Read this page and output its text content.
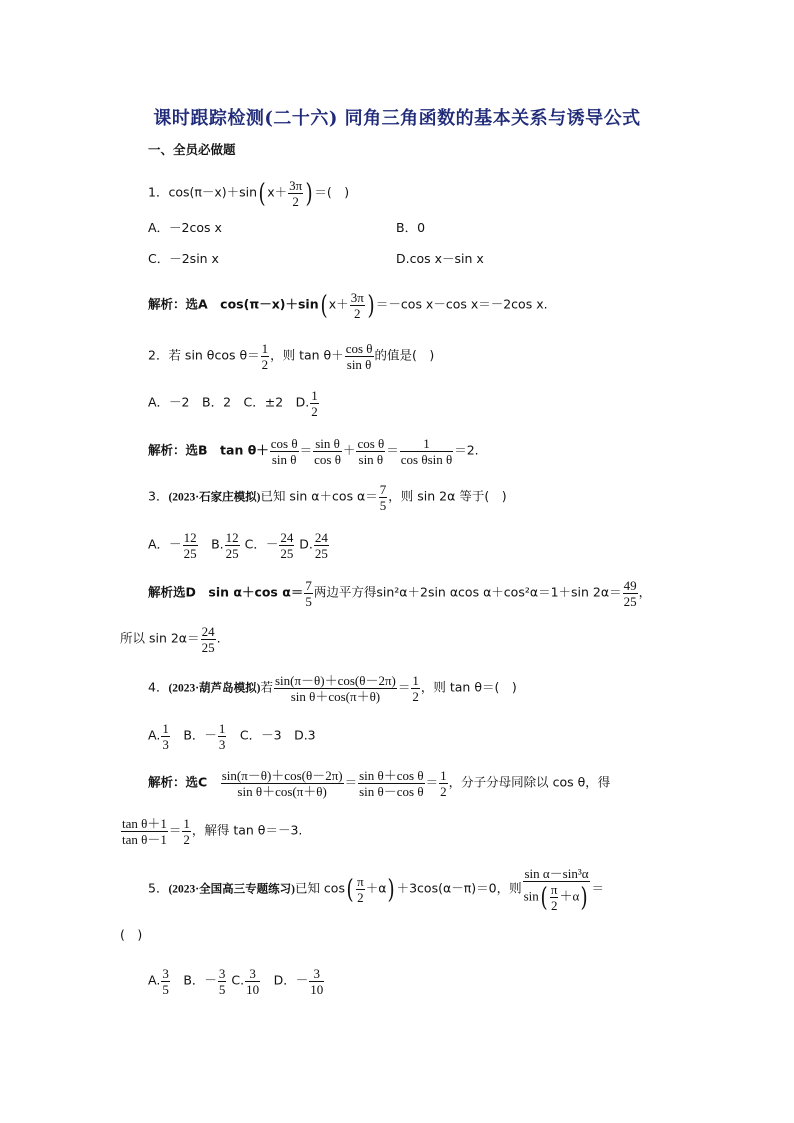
课时跟踪检测(二十六) 同角三角函数的基本关系与诱导公式
一、全员必做题
1．cos(π－x)＋sin( $x+ \frac{3\pi}{2}$ ) ＝(　)
A．－2cos x	B．0
C．－2sin x	D.cos x－sin x
解析：选A　cos(π－x)＋sin( $x+ \frac{3\pi}{2}$ ) ＝－cos x－cos x＝－2cos x.
2．若 sin θcos $\theta= \frac{1}{2}$ ，则 $\tan \theta+ \frac{\text{cos θ}}{\text{sin θ}}$ 的值是(　)
A．－2　B．2　C．±2　D. $\frac{1}{2}$
解析：选B　$\tan \theta+ \frac{\text{cos θ}}{\text{sin θ}} = \frac{\text{sin θ}}{\text{cos θ}} + \frac{\text{cos θ}}{\text{sin θ}} = \frac{1}{\text{cos θsin θ}} =2$.
3．(2023·石家庄模拟)已知 sin α＋cos $\alpha= \frac{7}{5}$ ，则 sin 2α 等于(　)
A．－ $\frac{12}{25}$ 　B. $\frac{12}{25}$ C．－ $\frac{24}{25} D$. $\frac{24}{25}$
解析选D　sin α＋cos $\alpha= \frac{7}{5}$ 两边平方得sin²α＋2sin αcos α＋cos²α＝1＋sin $2\alpha= \frac{49}{25}$ ，
所以 $\sin 2\alpha= \frac{24}{25}$ .
4．(2023·葫芦岛模拟)若 $\frac{\sin(\pi-\theta)+\cos(\theta-2\pi)}{\text{sin θ＋cos(π＋θ)}} = \frac{1}{2}$ ，则 tan θ＝(　)
A. $\frac{1}{3}$ 　B．－ $\frac{1}{3}$ 　C．－3　D.3
解析：选C　 $\frac{\sin(\pi-\theta)+\cos(\theta-2\pi)}{\text{sin θ＋cos(π＋θ)}} = \frac{\text{sin θ＋cos θ}}{\text{sin θ－cos θ}} = \frac{1}{2}$ ，分子分母同除以 cos θ，得
$\frac{\text{tan θ＋1}}{\text{tan θ－1}} = \frac{1}{2}$ ，解得 tan θ＝－3.
5．(2023·全国高三专题练习)已知 $\cos( \frac{\pi}{2} +\alpha) +3\cos(\alpha-\pi)=0$，则 $\frac{\text{sin α－sin³α}}{\sin( \frac{\pi}{2} +\alpha)}$ ＝
(　)
A. $\frac{3}{5}$ 　B．－ $\frac{3}{5} C$. $\frac{3}{10}$ 　D．－ $\frac{3}{10}$
